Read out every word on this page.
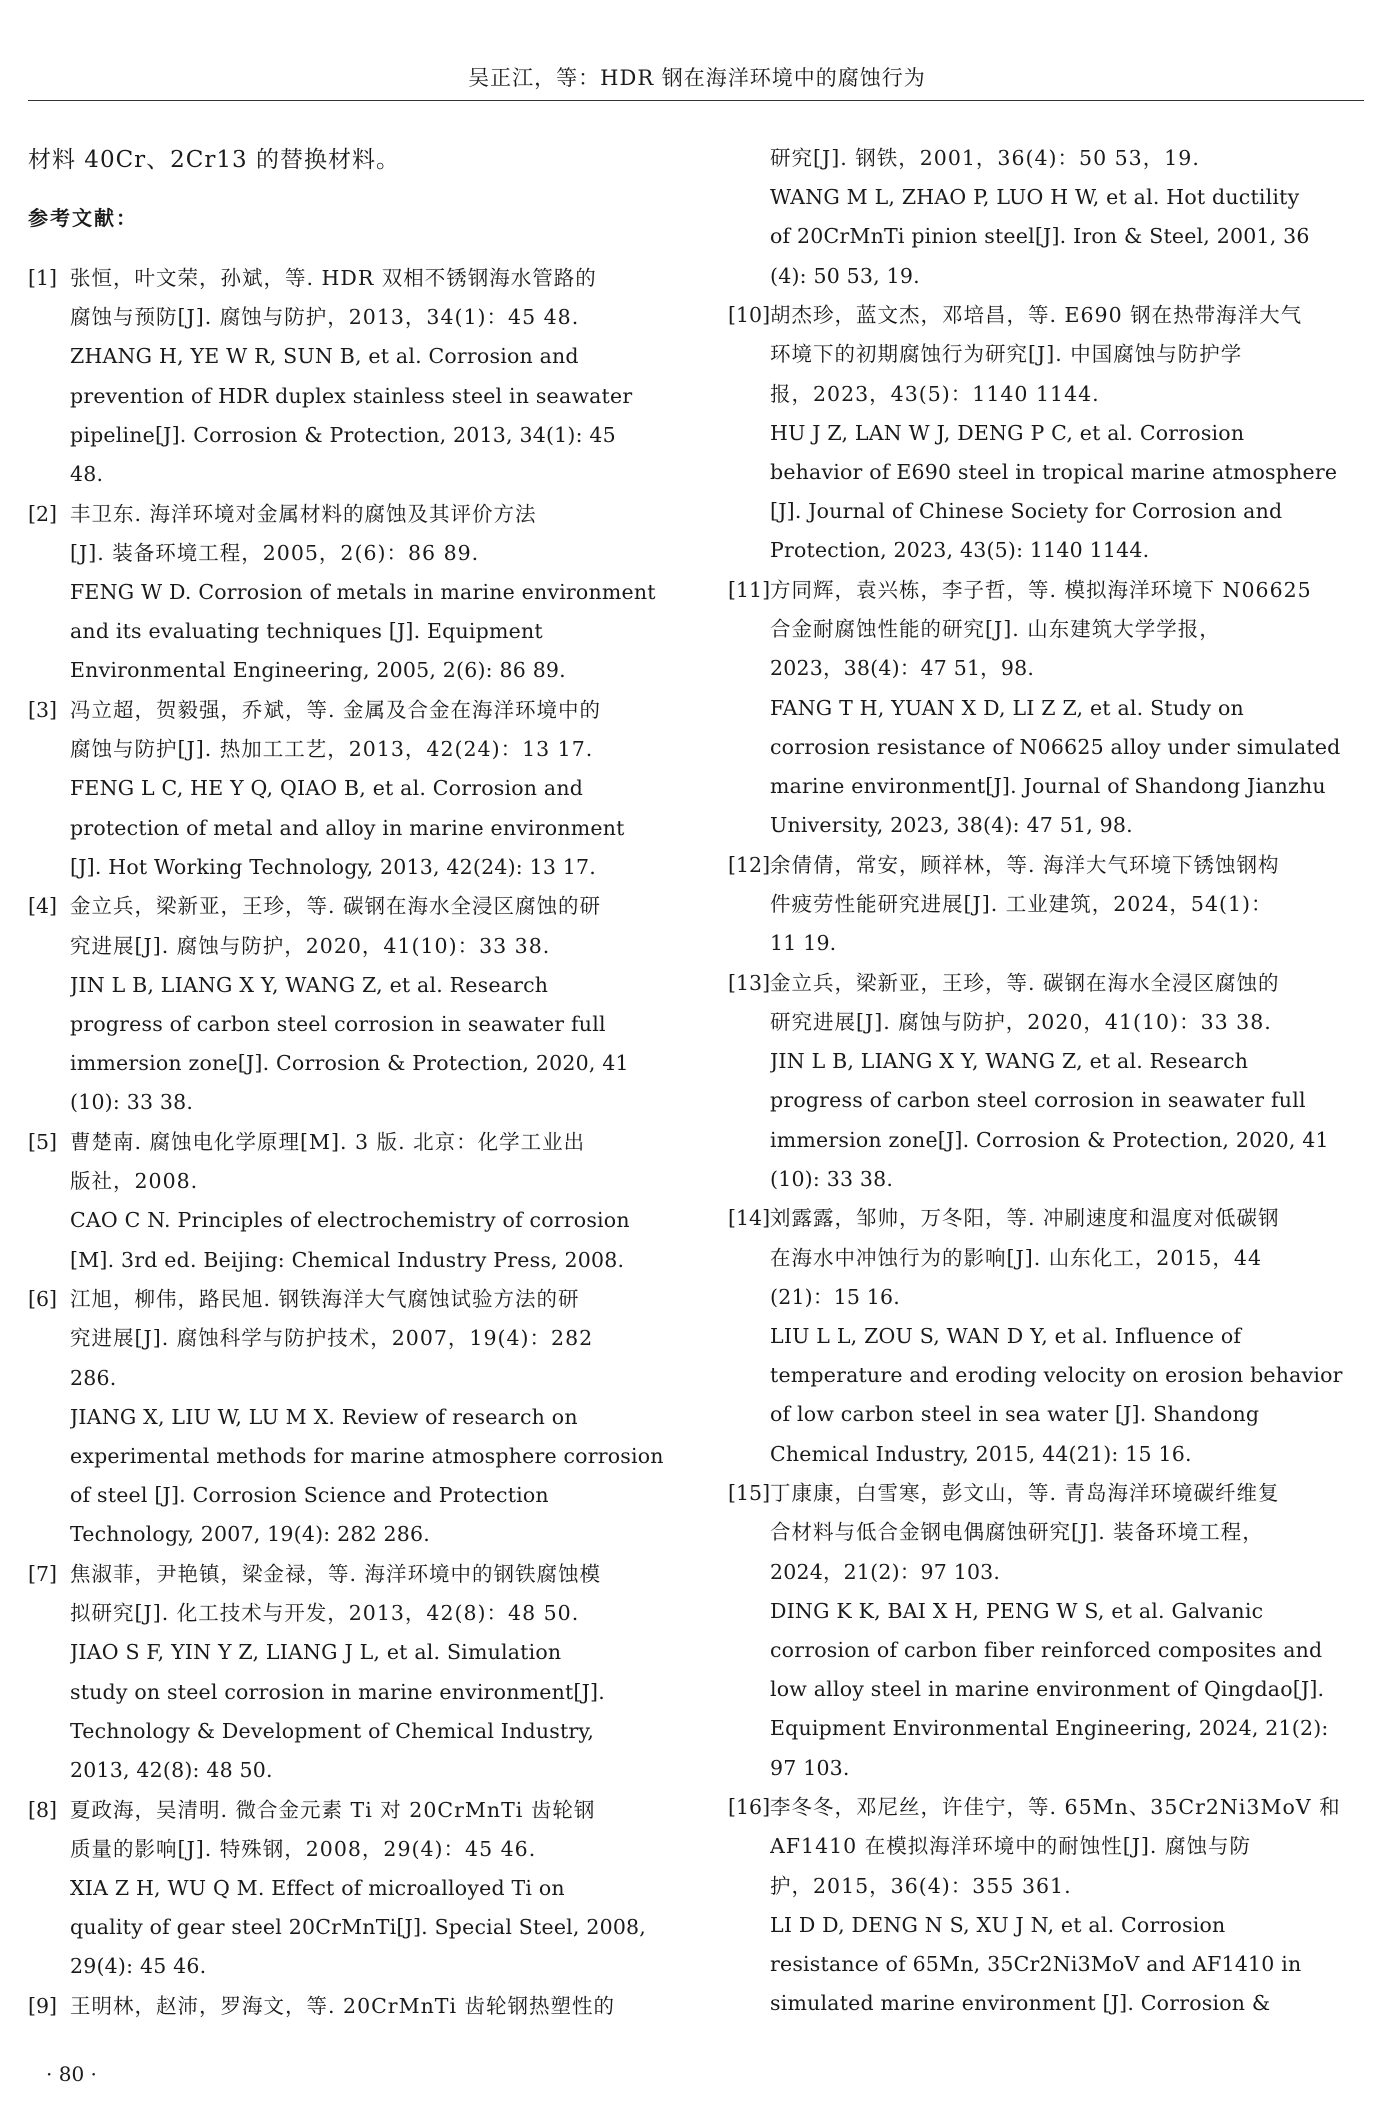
吴正江，等：HDR 钢在海洋环境中的腐蚀行为
材料 40Cr、2Cr13 的替换材料。
参考文献：
[1] 张恒，叶文荣，孙斌，等. HDR 双相不锈钢海水管路的
腐蚀与预防[J]. 腐蚀与防护，2013，34(1)：45 48.
ZHANG H, YE W R, SUN B, et al. Corrosion and
prevention of HDR duplex stainless steel in seawater
pipeline[J]. Corrosion & Protection, 2013, 34(1): 45
48.
[2] 丰卫东. 海洋环境对金属材料的腐蚀及其评价方法
[J]. 装备环境工程，2005，2(6)：86 89.
FENG W D. Corrosion of metals in marine environment
and its evaluating techniques [J]. Equipment
Environmental Engineering, 2005, 2(6): 86 89.
[3] 冯立超，贺毅强，乔斌，等. 金属及合金在海洋环境中的
腐蚀与防护[J]. 热加工工艺，2013，42(24)：13 17.
FENG L C, HE Y Q, QIAO B, et al. Corrosion and
protection of metal and alloy in marine environment
[J]. Hot Working Technology, 2013, 42(24): 13 17.
[4] 金立兵，梁新亚，王珍，等. 碳钢在海水全浸区腐蚀的研
究进展[J]. 腐蚀与防护，2020，41(10)：33 38.
JIN L B, LIANG X Y, WANG Z, et al. Research
progress of carbon steel corrosion in seawater full
immersion zone[J]. Corrosion & Protection, 2020, 41
(10): 33 38.
[5] 曹楚南. 腐蚀电化学原理[M]. 3 版. 北京：化学工业出
版社，2008.
CAO C N. Principles of electrochemistry of corrosion
[M]. 3rd ed. Beijing: Chemical Industry Press, 2008.
[6] 江旭，柳伟，路民旭. 钢铁海洋大气腐蚀试验方法的研
究进展[J]. 腐蚀科学与防护技术，2007，19(4)：282
286.
JIANG X, LIU W, LU M X. Review of research on
experimental methods for marine atmosphere corrosion
of steel [J]. Corrosion Science and Protection
Technology, 2007, 19(4): 282 286.
[7] 焦淑菲，尹艳镇，梁金禄，等. 海洋环境中的钢铁腐蚀模
拟研究[J]. 化工技术与开发，2013，42(8)：48 50.
JIAO S F, YIN Y Z, LIANG J L, et al. Simulation
study on steel corrosion in marine environment[J].
Technology & Development of Chemical Industry,
2013, 42(8): 48 50.
[8] 夏政海，吴清明. 微合金元素 Ti 对 20CrMnTi 齿轮钢
质量的影响[J]. 特殊钢，2008，29(4)：45 46.
XIA Z H, WU Q M. Effect of microalloyed Ti on
quality of gear steel 20CrMnTi[J]. Special Steel, 2008,
29(4): 45 46.
[9] 王明林，赵沛，罗海文，等. 20CrMnTi 齿轮钢热塑性的
研究[J]. 钢铁，2001，36(4)：50 53，19.
WANG M L, ZHAO P, LUO H W, et al. Hot ductility
of 20CrMnTi pinion steel[J]. Iron & Steel, 2001, 36
(4): 50 53, 19.
[10] 胡杰珍，蓝文杰，邓培昌，等. E690 钢在热带海洋大气
环境下的初期腐蚀行为研究[J]. 中国腐蚀与防护学
报，2023，43(5)：1140 1144.
HU J Z, LAN W J, DENG P C, et al. Corrosion
behavior of E690 steel in tropical marine atmosphere
[J]. Journal of Chinese Society for Corrosion and
Protection, 2023, 43(5): 1140 1144.
[11] 方同辉，袁兴栋，李子哲，等. 模拟海洋环境下 N06625
合金耐腐蚀性能的研究[J]. 山东建筑大学学报，
2023，38(4)：47 51，98.
FANG T H, YUAN X D, LI Z Z, et al. Study on
corrosion resistance of N06625 alloy under simulated
marine environment[J]. Journal of Shandong Jianzhu
University, 2023, 38(4): 47 51, 98.
[12] 余倩倩，常安，顾祥林，等. 海洋大气环境下锈蚀钢构
件疲劳性能研究进展[J]. 工业建筑，2024，54(1)：
11 19.
[13] 金立兵，梁新亚，王珍，等. 碳钢在海水全浸区腐蚀的
研究进展[J]. 腐蚀与防护，2020，41(10)：33 38.
JIN L B, LIANG X Y, WANG Z, et al. Research
progress of carbon steel corrosion in seawater full
immersion zone[J]. Corrosion & Protection, 2020, 41
(10): 33 38.
[14] 刘露露，邹帅，万冬阳，等. 冲刷速度和温度对低碳钢
在海水中冲蚀行为的影响[J]. 山东化工，2015，44
(21)：15 16.
LIU L L, ZOU S, WAN D Y, et al. Influence of
temperature and eroding velocity on erosion behavior
of low carbon steel in sea water [J]. Shandong
Chemical Industry, 2015, 44(21): 15 16.
[15] 丁康康，白雪寒，彭文山，等. 青岛海洋环境碳纤维复
合材料与低合金钢电偶腐蚀研究[J]. 装备环境工程，
2024，21(2)：97 103.
DING K K, BAI X H, PENG W S, et al. Galvanic
corrosion of carbon fiber reinforced composites and
low alloy steel in marine environment of Qingdao[J].
Equipment Environmental Engineering, 2024, 21(2):
97 103.
[16] 李冬冬，邓尼丝，许佳宁，等. 65Mn、35Cr2Ni3MoV 和
AF1410 在模拟海洋环境中的耐蚀性[J]. 腐蚀与防
护，2015，36(4)：355 361.
LI D D, DENG N S, XU J N, et al. Corrosion
resistance of 65Mn, 35Cr2Ni3MoV and AF1410 in
simulated marine environment [J]. Corrosion &
· 80 ·
